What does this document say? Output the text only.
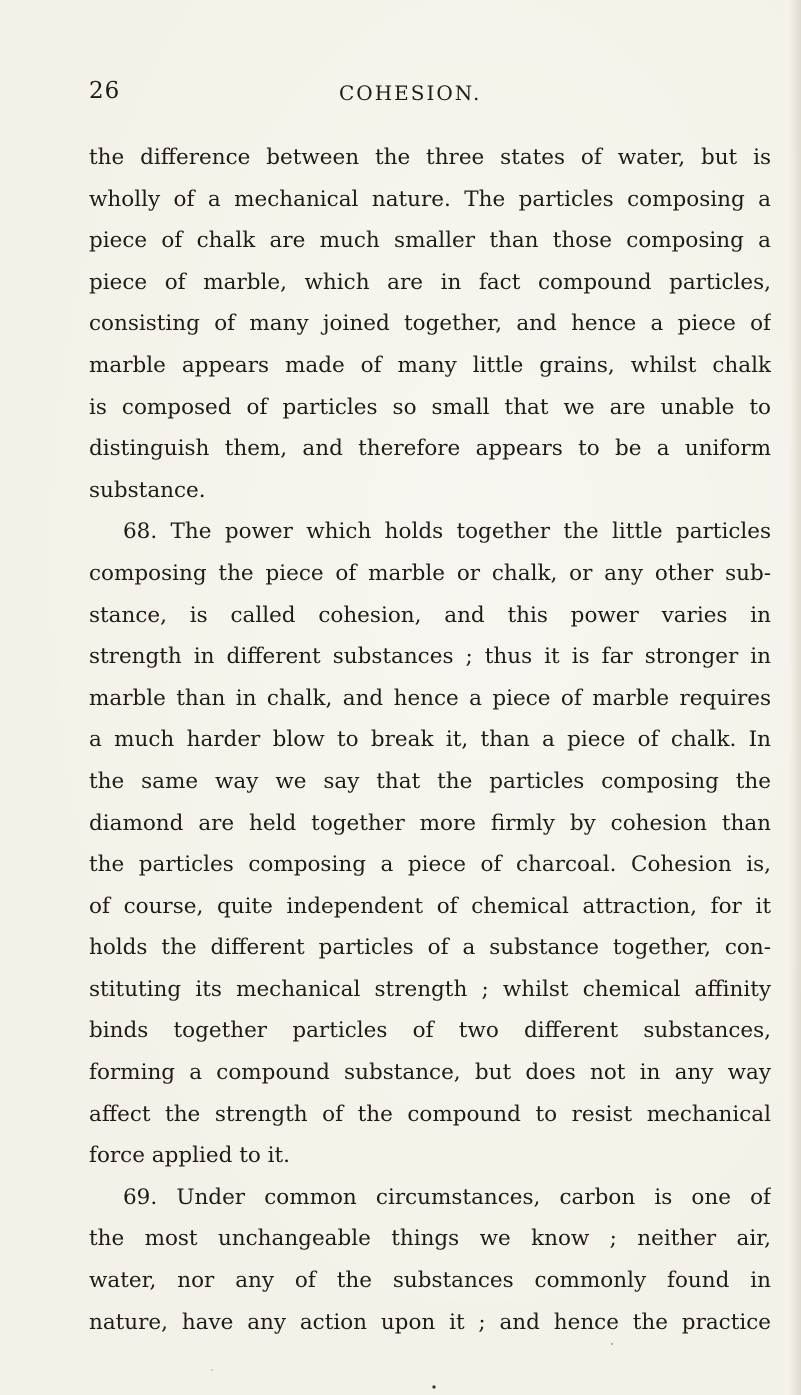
26	COHESION.
the difference between the three states of water, but is
wholly of a mechanical nature. The particles composing a
piece of chalk are much smaller than those composing a
piece of marble, which are in fact compound particles,
consisting of many joined together, and hence a piece of
marble appears made of many little grains, whilst chalk
is composed of particles so small that we are unable to
distinguish them, and therefore appears to be a uniform
substance.
68. The power which holds together the little particles
composing the piece of marble or chalk, or any other sub-
stance, is called cohesion, and this power varies in
strength in different substances ; thus it is far stronger in
marble than in chalk, and hence a piece of marble requires
a much harder blow to break it, than a piece of chalk. In
the same way we say that the particles composing the
diamond are held together more firmly by cohesion than
the particles composing a piece of charcoal. Cohesion is,
of course, quite independent of chemical attraction, for it
holds the different particles of a substance together, con-
stituting its mechanical strength ; whilst chemical affinity
binds together particles of two different substances,
forming a compound substance, but does not in any way
affect the strength of the compound to resist mechanical
force applied to it.
69. Under common circumstances, carbon is one of
the most unchangeable things we know ; neither air,
water, nor any of the substances commonly found in
nature, have any action upon it ; and hence the practice
